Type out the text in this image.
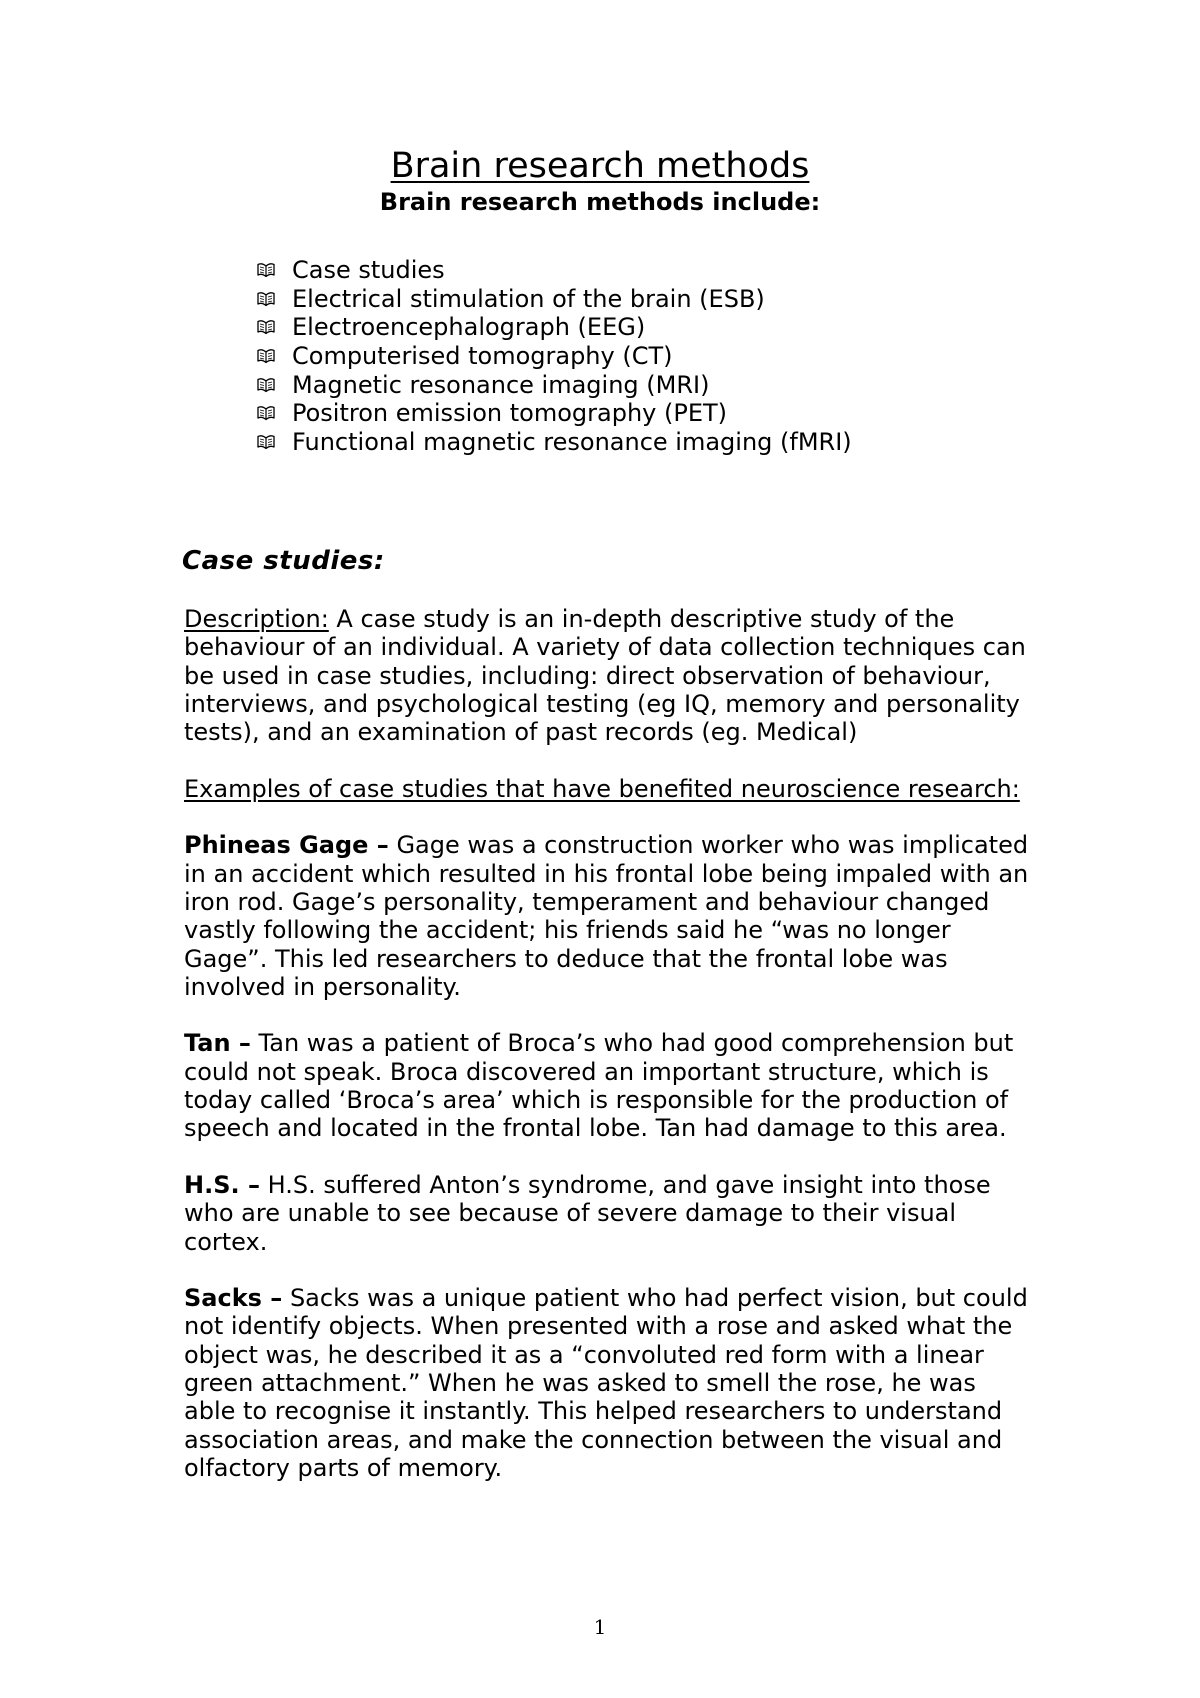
Brain research methods
Brain research methods include:
Case studies
Electrical stimulation of the brain (ESB)
Electroencephalograph (EEG)
Computerised tomography (CT)
Magnetic resonance imaging (MRI)
Positron emission tomography (PET)
Functional magnetic resonance imaging (fMRI)
Case studies:

Description: A case study is an in-depth descriptive study of the behaviour of an individual. A variety of data collection techniques can be used in case studies, including: direct observation of behaviour, interviews, and psychological testing (eg IQ, memory and personality tests), and an examination of past records (eg. Medical)

Examples of case studies that have benefited neuroscience research:

Phineas Gage – Gage was a construction worker who was implicated in an accident which resulted in his frontal lobe being impaled with an iron rod. Gage’s personality, temperament and behaviour changed vastly following the accident; his friends said he “was no longer Gage”. This led researchers to deduce that the frontal lobe was involved in personality.

Tan – Tan was a patient of Broca’s who had good comprehension but could not speak. Broca discovered an important structure, which is today called ‘Broca’s area’ which is responsible for the production of speech and located in the frontal lobe. Tan had damage to this area.

H.S. – H.S. suffered Anton’s syndrome, and gave insight into those who are unable to see because of severe damage to their visual cortex.

Sacks – Sacks was a unique patient who had perfect vision, but could not identify objects. When presented with a rose and asked what the object was, he described it as a “convoluted red form with a linear green attachment.” When he was asked to smell the rose, he was able to recognise it instantly. This helped researchers to understand association areas, and make the connection between the visual and olfactory parts of memory.

1
